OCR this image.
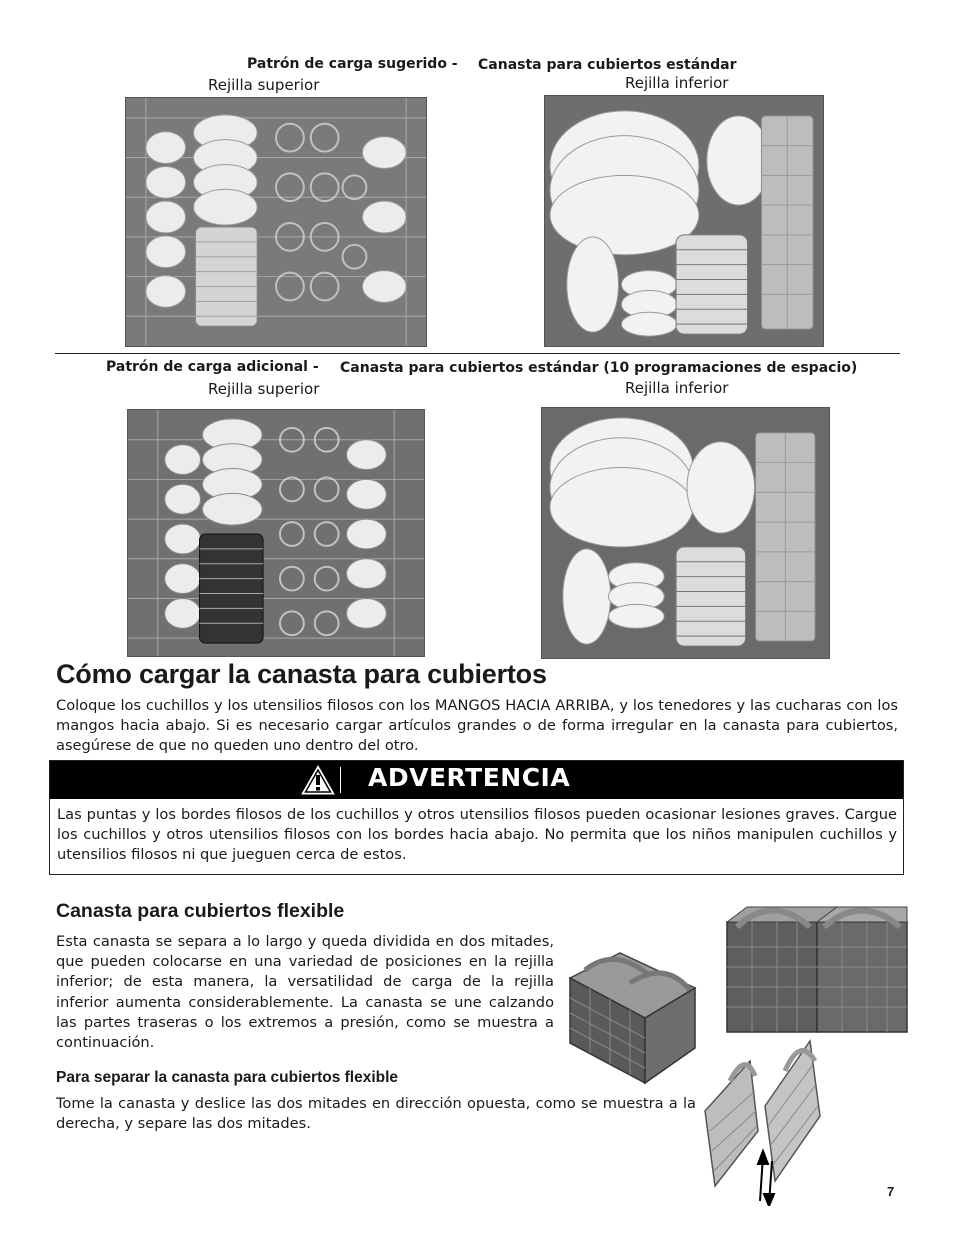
Patrón de carga sugerido - Canasta para cubiertos estándar
Rejilla superior	Rejilla inferior
Patrón de carga adicional - Canasta para cubiertos estándar (10 programaciones de espacio)
Rejilla superior	Rejilla inferior
Cómo cargar la canasta para cubiertos
Coloque los cuchillos y los utensilios filosos con los MANGOS HACIA ARRIBA, y los tenedores y las cucharas con los mangos hacia abajo. Si es necesario cargar artículos grandes o de forma irregular en la canasta para cubiertos, asegúrese de que no queden uno dentro del otro.
ADVERTENCIA
Las puntas y los bordes filosos de los cuchillos y otros utensilios filosos pueden ocasionar lesiones graves. Cargue los cuchillos y otros utensilios filosos con los bordes hacia abajo. No permita que los niños manipulen cuchillos y utensilios filosos ni que jueguen cerca de estos.
Canasta para cubiertos flexible
Esta canasta se separa a lo largo y queda dividida en dos mitades, que pueden colocarse en una variedad de posiciones en la rejilla inferior; de esta manera, la versatilidad de carga de la rejilla inferior aumenta considerablemente. La canasta se une calzando las partes traseras o los extremos a presión, como se muestra a continuación.
Para separar la canasta para cubiertos flexible
Tome la canasta y deslice las dos mitades en dirección opuesta, como se muestra a la derecha, y separe las dos mitades.
7
